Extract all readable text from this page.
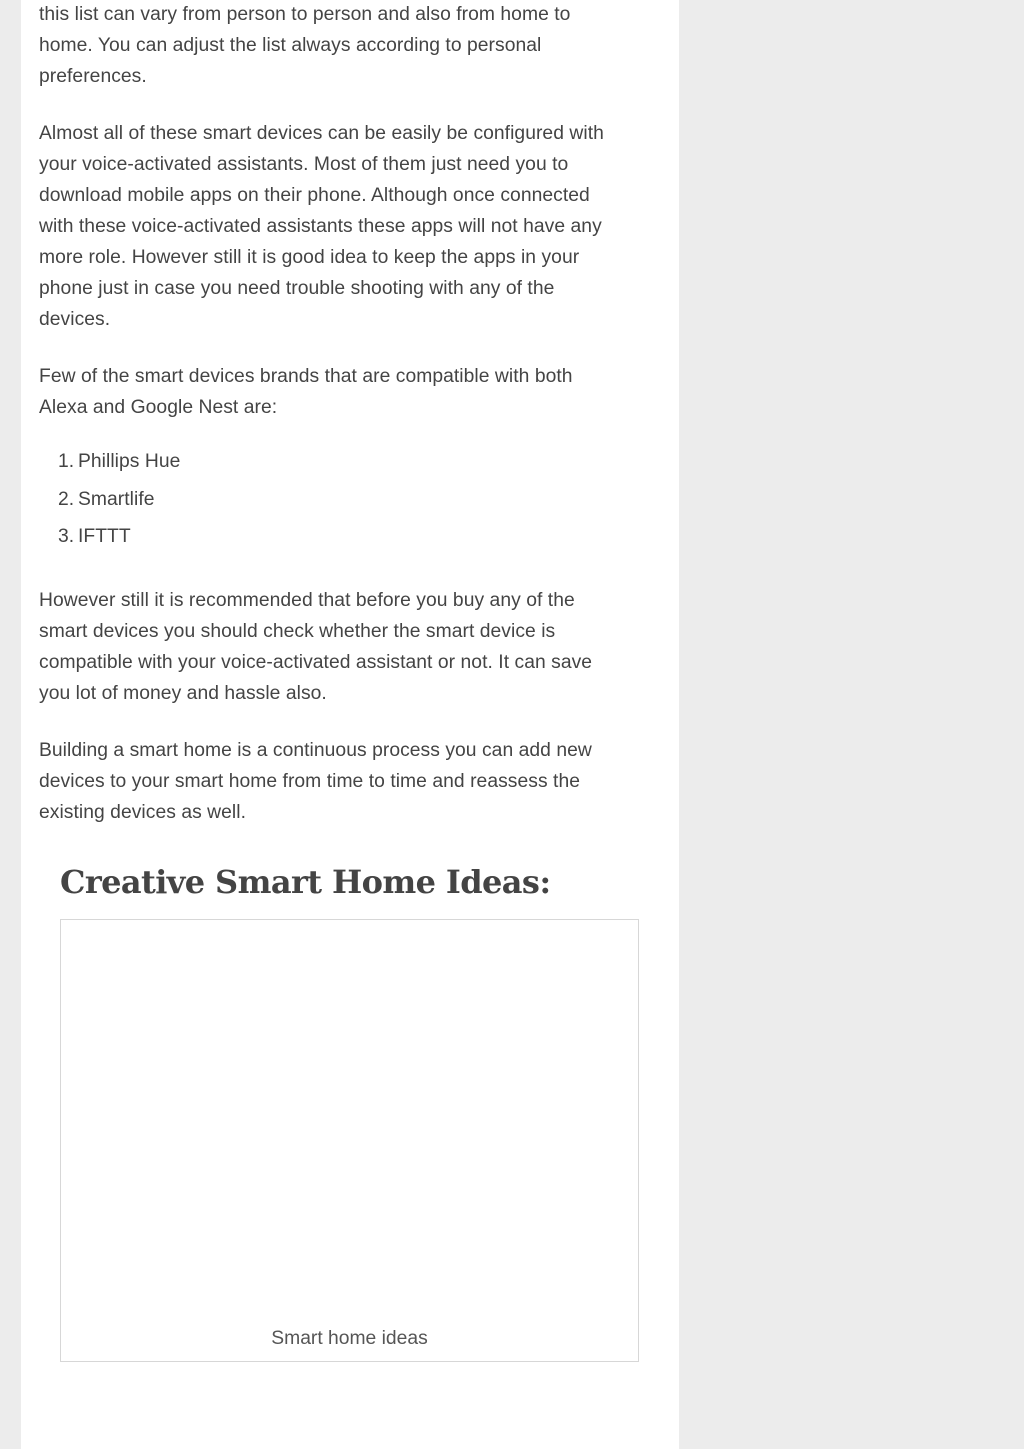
this list can vary from person to person and also from home to home. You can adjust the list always according to personal preferences.

Almost all of these smart devices can be easily be configured with your voice-activated assistants. Most of them just need you to download mobile apps on their phone. Although once connected with these voice-activated assistants these apps will not have any more role. However still it is good idea to keep the apps in your phone just in case you need trouble shooting with any of the devices.

Few of the smart devices brands that are compatible with both Alexa and Google Nest are:

1. Phillips Hue
2. Smartlife
3. IFTTT

However still it is recommended that before you buy any of the smart devices you should check whether the smart device is compatible with your voice-activated assistant or not. It can save you lot of money and hassle also.

Building a smart home is a continuous process you can add new devices to your smart home from time to time and reassess the existing devices as well.

Creative Smart Home Ideas:
Smart home ideas
